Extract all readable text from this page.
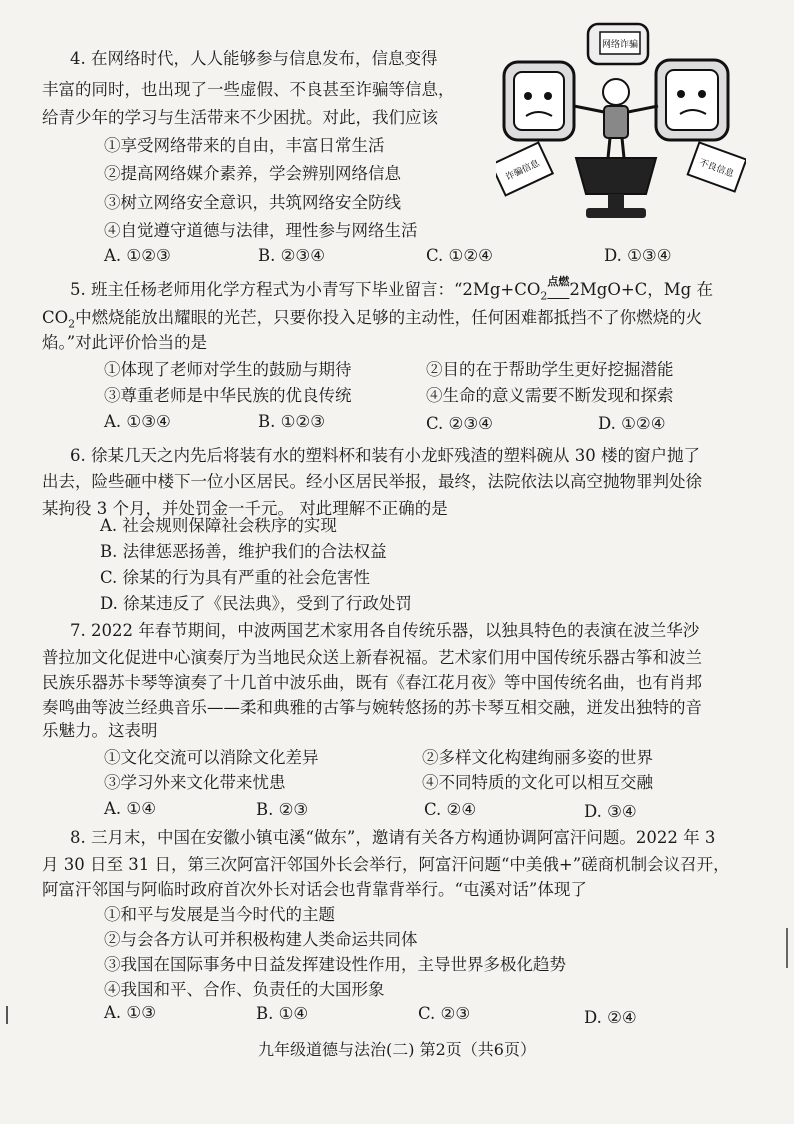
4. 在网络时代，人人能够参与信息发布，信息变得
丰富的同时，也出现了一些虚假、不良甚至诈骗等信息，
给青少年的学习与生活带来不少困扰。对此，我们应该
①享受网络带来的自由，丰富日常生活
②提高网络媒介素养，学会辨别网络信息
③树立网络安全意识，共筑网络安全防线
④自觉遵守道德与法律，理性参与网络生活
A. ①②③	B. ②③④	C. ①②④	D. ①③④
网络诈骗
诈骗信息	不良信息
5. 班主任杨老师用化学方程式为小青写下毕业留言：“$2Mg+CO_2^{点燃}2MgO+C$，Mg 在
$CO_2$中燃烧能放出耀眼的光芒，只要你投入足够的主动性，任何困难都抵挡不了你燃烧的火
焰。”对此评价恰当的是
①体现了老师对学生的鼓励与期待	②目的在于帮助学生更好挖掘潜能
③尊重老师是中华民族的优良传统	④生命的意义需要不断发现和探索
A. ①③④	B. ①②③	C. ②③④	D. ①②④
6. 徐某几天之内先后将装有水的塑料杯和装有小龙虾残渣的塑料碗从 30 楼的窗户抛了
出去，险些砸中楼下一位小区居民。经小区居民举报，最终，法院依法以高空抛物罪判处徐
某拘役 3 个月，并处罚金一千元。 对此理解不正确的是
A. 社会规则保障社会秩序的实现
B. 法律惩恶扬善，维护我们的合法权益
C. 徐某的行为具有严重的社会危害性
D. 徐某违反了《民法典》，受到了行政处罚
7. 2022 年春节期间，中波两国艺术家用各自传统乐器，以独具特色的表演在波兰华沙
普拉加文化促进中心演奏厅为当地民众送上新春祝福。艺术家们用中国传统乐器古筝和波兰
民族乐器苏卡琴等演奏了十几首中波乐曲，既有《春江花月夜》等中国传统名曲，也有肖邦
奏鸣曲等波兰经典音乐——柔和典雅的古筝与婉转悠扬的苏卡琴互相交融，迸发出独特的音
乐魅力。这表明
①文化交流可以消除文化差异	②多样文化构建绚丽多姿的世界
③学习外来文化带来忧患	④不同特质的文化可以相互交融
A. ①④	B. ②③	C. ②④	D. ③④
8. 三月末，中国在安徽小镇屯溪“做东”，邀请有关各方构通协调阿富汗问题。2022 年 3
月 30 日至 31 日，第三次阿富汗邻国外长会举行，阿富汗问题“中美俄+”磋商机制会议召开，
阿富汗邻国与阿临时政府首次外长对话会也背靠背举行。“屯溪对话”体现了
①和平与发展是当今时代的主题
②与会各方认可并积极构建人类命运共同体
③我国在国际事务中日益发挥建设性作用，主导世界多极化趋势
④我国和平、合作、负责任的大国形象
A. ①③	B. ①④	C. ②③	D. ②④
九年级道德与法治(二) 第2页（共6页）
